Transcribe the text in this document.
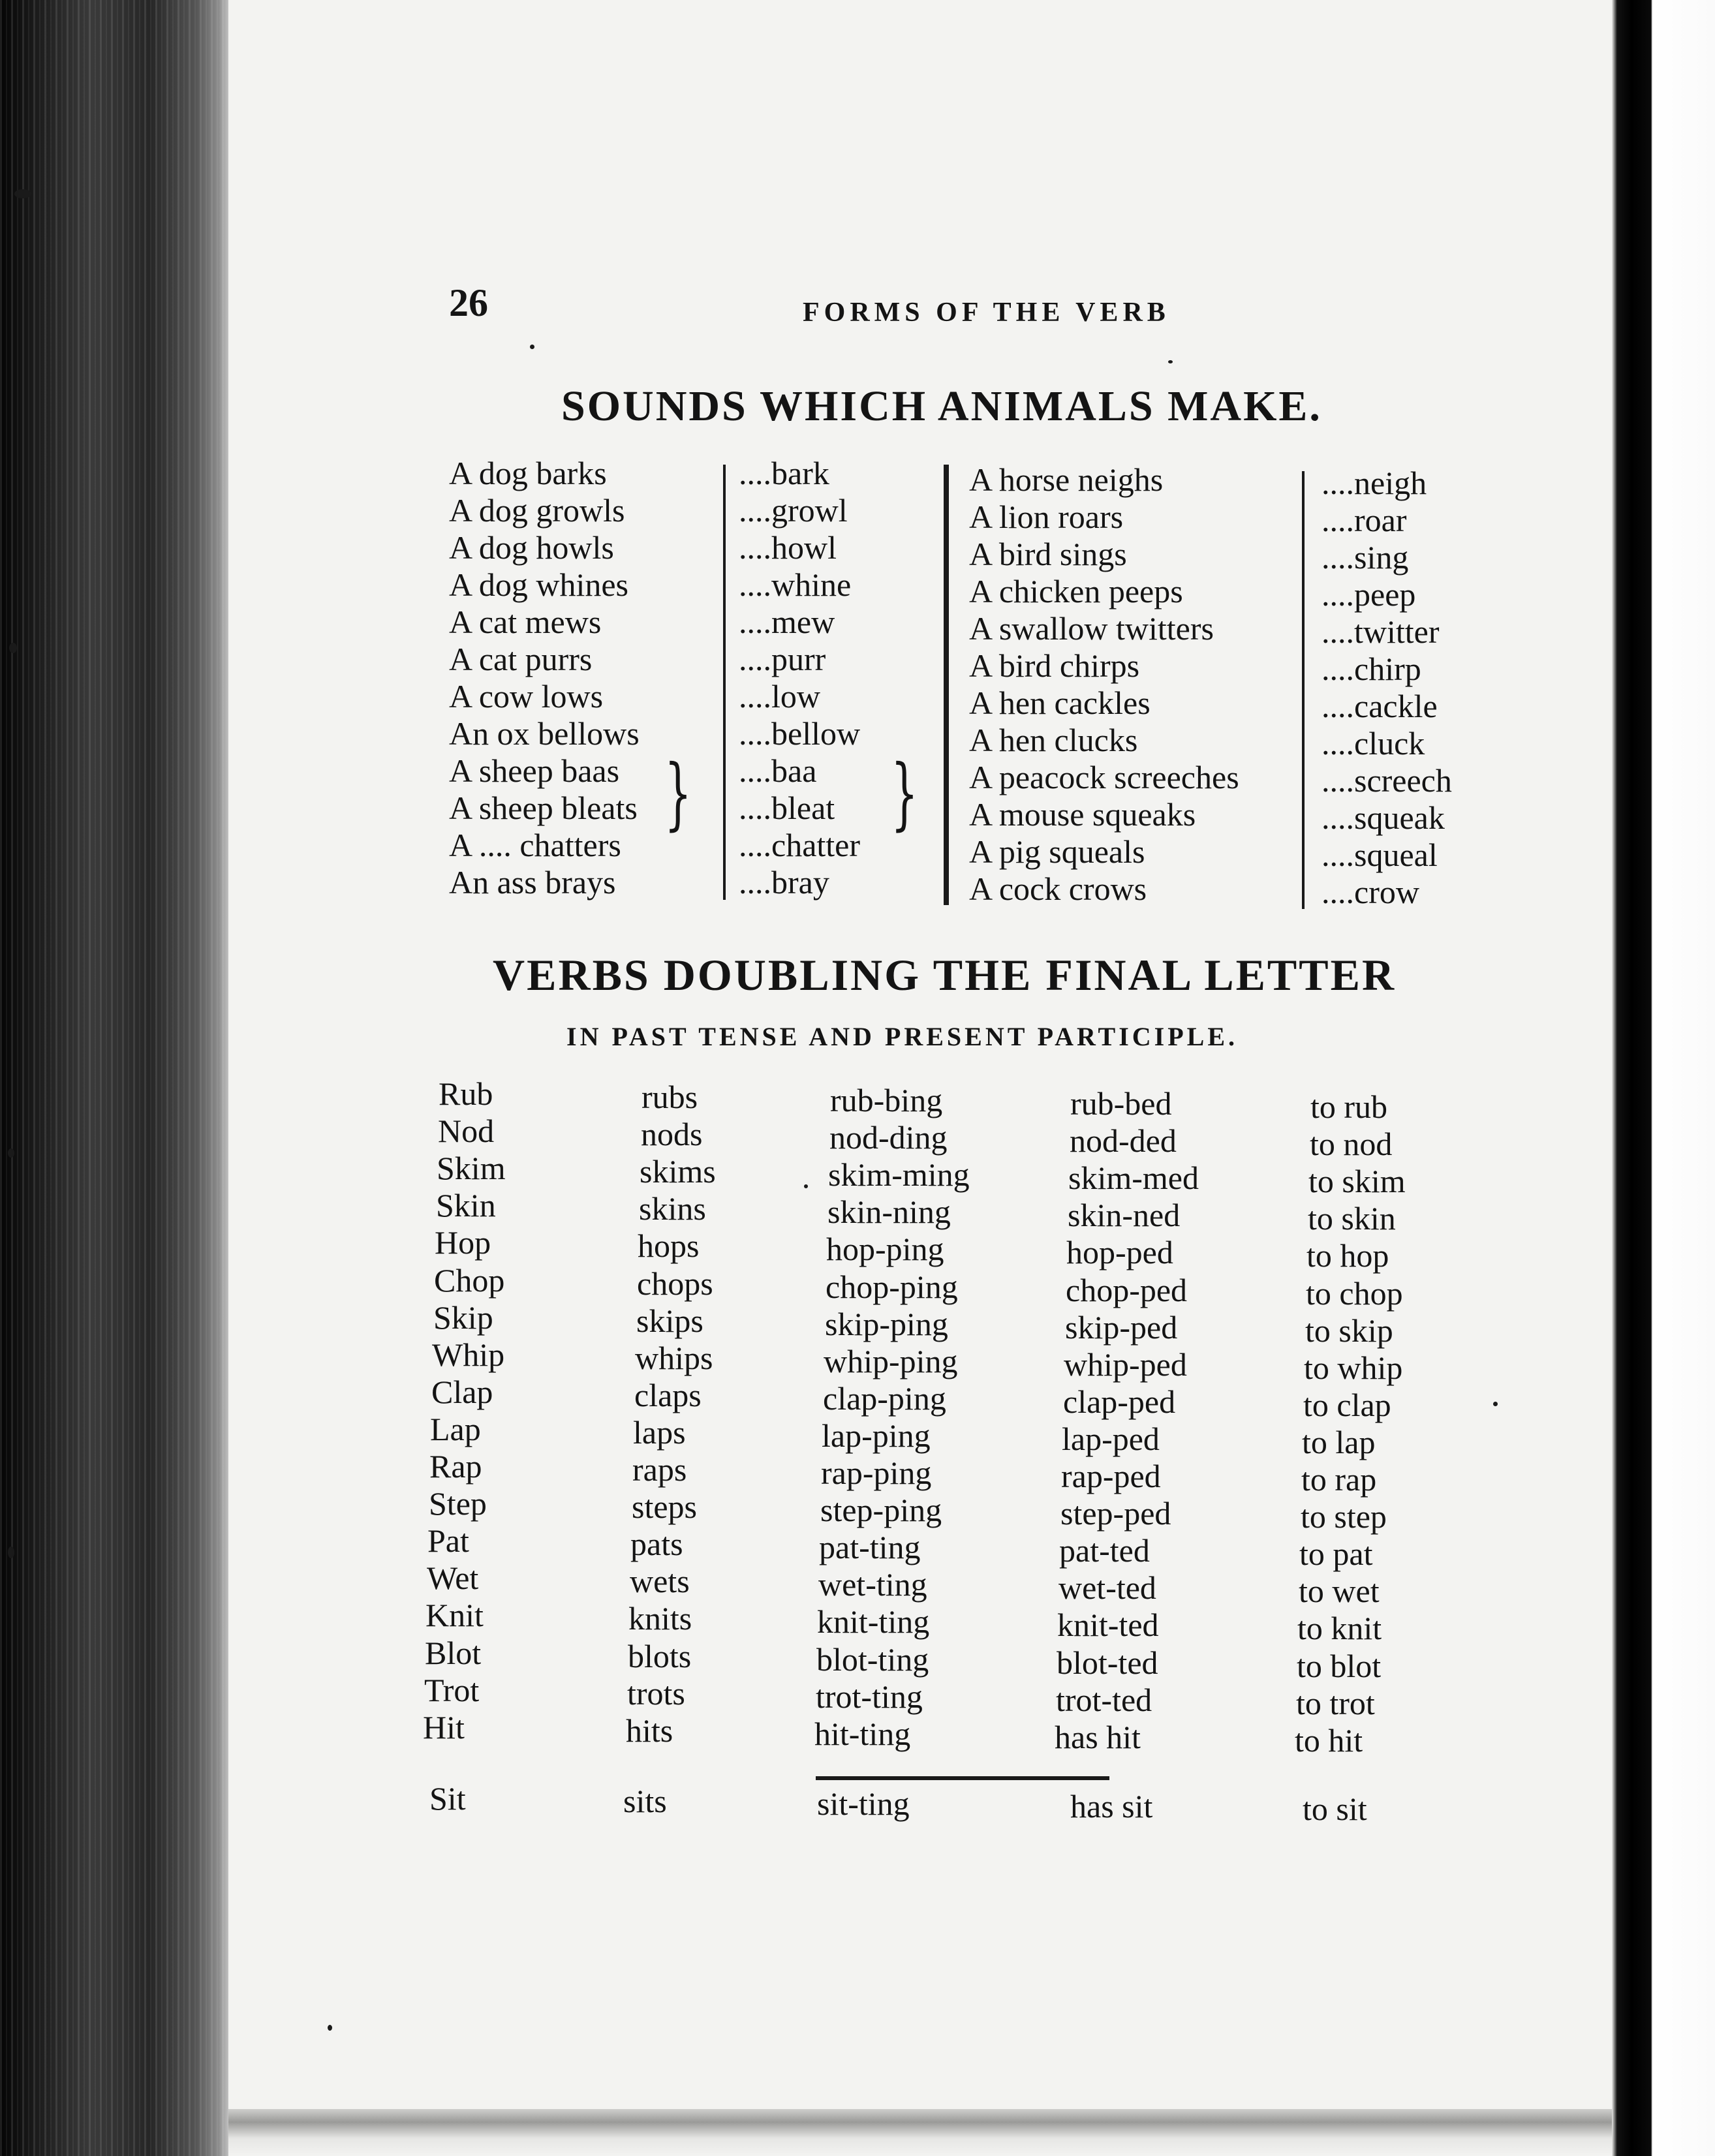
26	FORMS OF THE VERB
SOUNDS WHICH ANIMALS MAKE.
A dog barks	....bark
A dog growls	....growl
A dog howls	....howl
A dog whines	....whine
A cat mews	....mew
A cat purrs	....purr
A cow lows	....low
An ox bellows	....bellow
A sheep baas	....baa
A sheep bleats	....bleat
A .... chatters	....chatter
An ass brays	....bray
A horse neighs	....neigh
A lion roars	....roar
A bird sings	....sing
A chicken peeps	....peep
A swallow twitters	....twitter
A bird chirps	....chirp
A hen cackles	....cackle
A hen clucks	....cluck
A peacock screeches	....screech
A mouse squeaks	....squeak
A pig squeals	....squeal
A cock crows	....crow
}	}
VERBS DOUBLING THE FINAL LETTER
IN PAST TENSE AND PRESENT PARTICIPLE.
Rub	rubs	rub-bing	rub-bed	to rub
Nod	nods	nod-ding	nod-ded	to nod
Skim	skims	skim-ming	skim-med	to skim
Skin	skins	skin-ning	skin-ned	to skin
Hop	hops	hop-ping	hop-ped	to hop
Chop	chops	chop-ping	chop-ped	to chop
Skip	skips	skip-ping	skip-ped	to skip
Whip	whips	whip-ping	whip-ped	to whip
Clap	claps	clap-ping	clap-ped	to clap
Lap	laps	lap-ping	lap-ped	to lap
Rap	raps	rap-ping	rap-ped	to rap
Step	steps	step-ping	step-ped	to step
Pat	pats	pat-ting	pat-ted	to pat
Wet	wets	wet-ting	wet-ted	to wet
Knit	knits	knit-ting	knit-ted	to knit
Blot	blots	blot-ting	blot-ted	to blot
Trot	trots	trot-ting	trot-ted	to trot
Hit	hits	hit-ting	has hit	to hit
Sit	sits	sit-ting	has sit	to sit
